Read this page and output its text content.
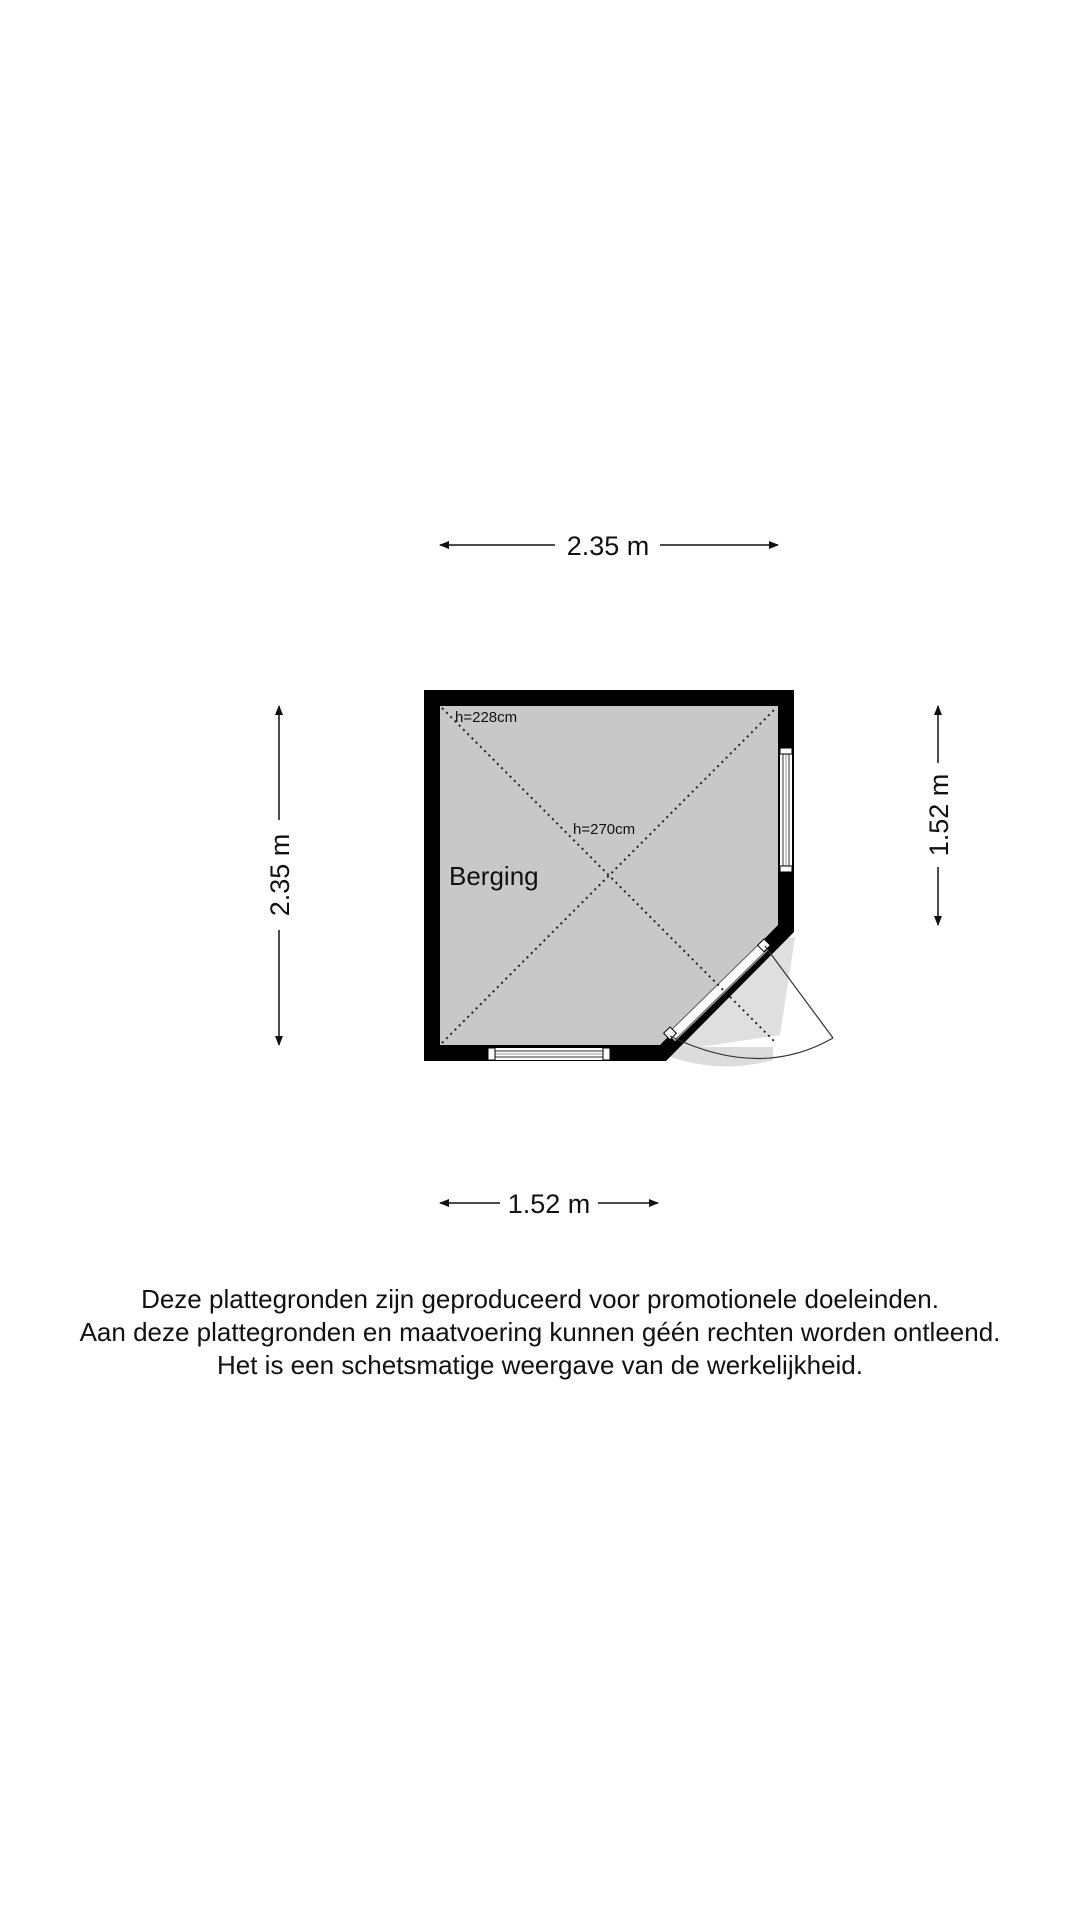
Berging
h=228cm
h=270cm
2.35 m
1.52 m
2.35 m
1.52 m
Deze plattegronden zijn geproduceerd voor promotionele doeleinden.
Aan deze plattegronden en maatvoering kunnen géén rechten worden ontleend.
Het is een schetsmatige weergave van de werkelijkheid.
